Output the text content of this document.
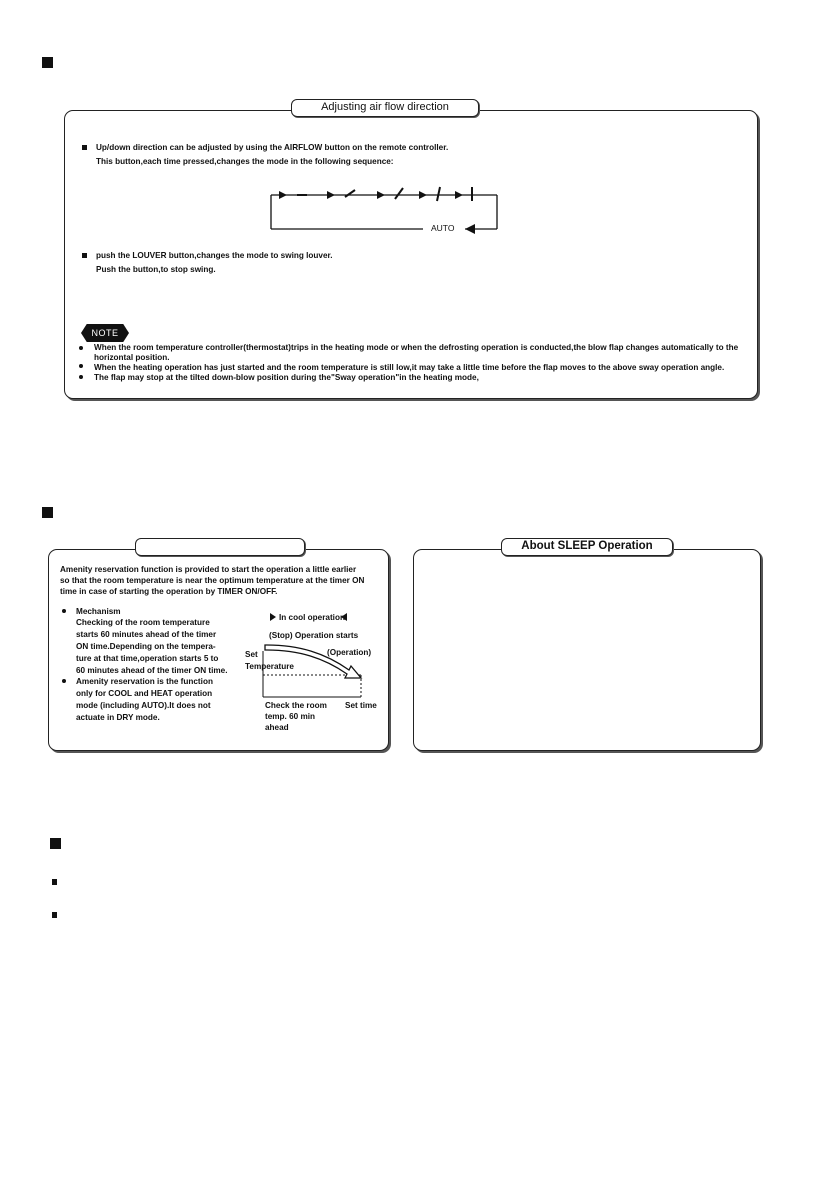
Adjusting air flow direction
Up/down direction can be adjusted by using the AIRFLOW button on the remote controller.
This button,each time pressed,changes the mode in the following sequence:
AUTO
push the LOUVER button,changes the mode to swing louver.
Push the button,to stop swing.
NOTE
When the room temperature controller(thermostat)trips in the heating mode or when the defrosting operation is conducted,the blow flap changes automatically to the
horizontal position.
When the heating operation has just started and the room temperature is still low,it may take a little time before the flap moves to the above sway operation angle.
The flap may stop at the tilted down-blow position during the"Sway operation"in the heating mode,
Amenity reservation function is provided to start the operation a little earlier
so that the room temperature is near the optimum temperature at the timer ON
time in case of starting the operation by TIMER ON/OFF.
Mechanism
Checking of the room temperature
starts 60 minutes ahead of the timer
ON time.Depending on the tempera-
ture at that time,operation starts 5 to
60 minutes ahead of the timer ON time.
Amenity reservation is the function
only for COOL and HEAT operation
mode (including AUTO).It does not
actuate in DRY mode.
In cool operation
(Stop) Operation starts
(Operation)
Set
Temperature
Check the room
temp. 60 min
ahead
Set time
About SLEEP Operation
